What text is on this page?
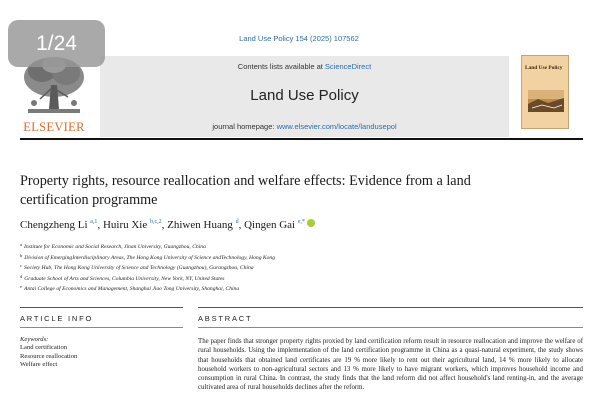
1/24	Land Use Policy 154 (2025) 107562
ELSEVIER
Contents lists available at ScienceDirect
Land Use Policy
journal homepage: www.elsevier.com/locate/landusepol
Land Use Policy
Property rights, resource reallocation and welfare effects: Evidence from a land certification programme
Chengzheng Li $^{a,1}$, Huiru Xie $^{b,c,2}$, Zhiwen Huang $^d$, Qingen Gai $^{e,*}$
$^a$ Institute for Economic and Social Research, Jinan University, Guangzhou, China
$^b$ Division of EmergingInterdisciplinary Areas, The Hong Kong University of Science andTechnology, Hong Kong
$^c$ Society Hub, The Hong Kong University of Science and Technology (Guangzhou), Gurangzhou, China
$^d$ Graduate School of Arts and Sciences, Columbia University, New York, NY, United States
$^e$ Antai College of Economics and Management, Shanghai Jiao Tong University, Shanghai, China
ARTICLE INFO	ABSTRACT
Keywords:
Land certification
Resource reallocation
Welfare effect
The paper finds that stronger property rights proxied by land certification reform result in resource reallocation and improve the welfare of rural households. Using the implementation of the land certification programme in China as a quasi-natural experiment, the study shows that households that obtained land certificates are 19 % more likely to rent out their agricultural land, 14 % more likely to allocate household workers to non-agricultural sectors and 13 % more likely to have migrant workers, which improves household income and consumption in rural China. In contrast, the study finds that the land reform did not affect household's land renting-in, and the average cultivated area of rural households declines after the reform.
